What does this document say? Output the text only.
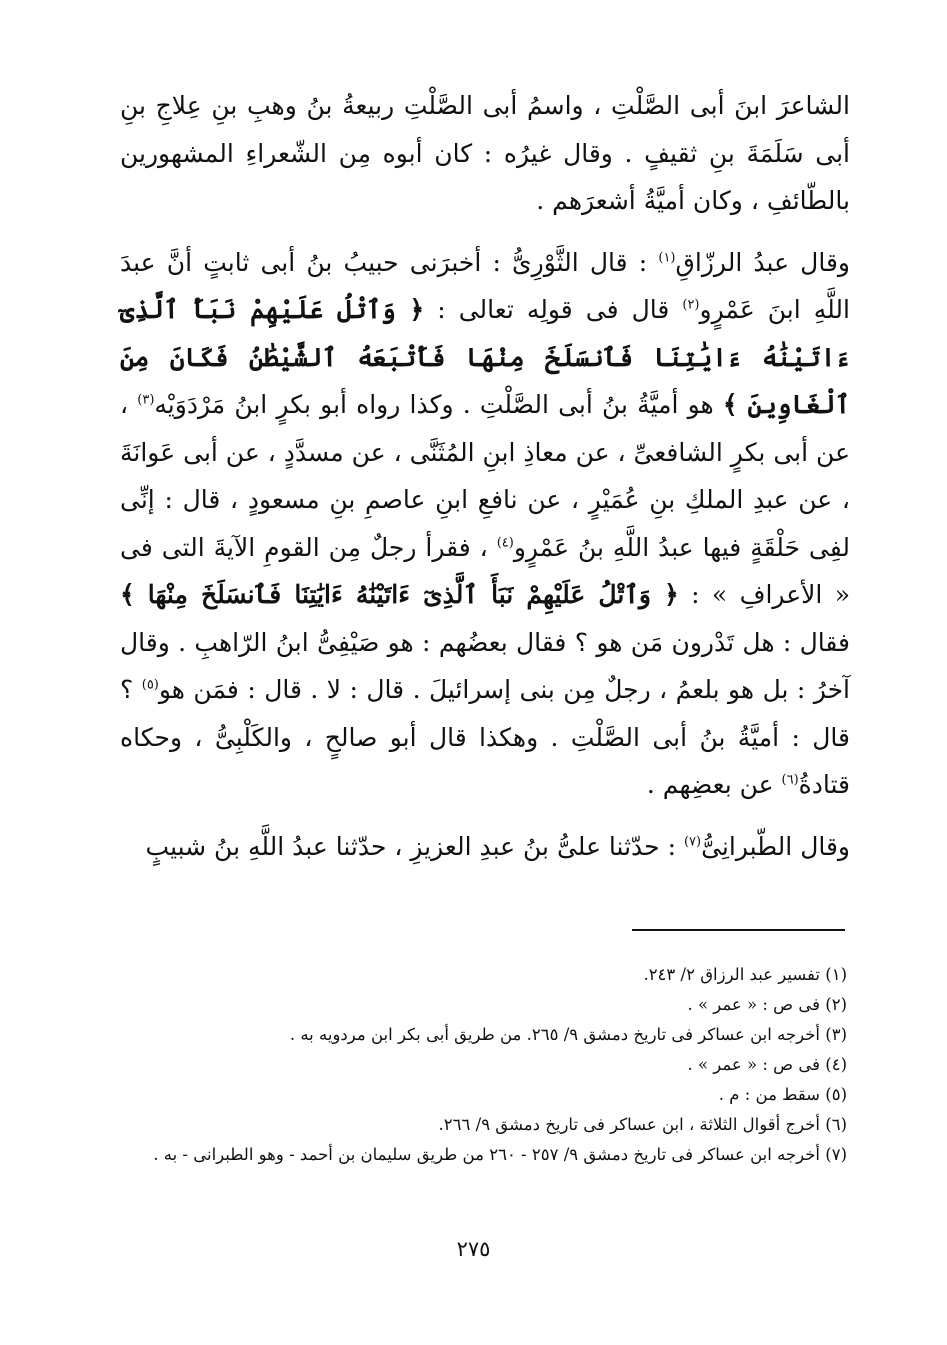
الشاعرَ ابنَ أبى الصَّلْتِ ، واسمُ أبى الصَّلْتِ ربيعةُ بنُ وهبِ بنِ عِلاجِ بنِ أبى سَلَمَةَ بنِ ثقيفٍ . وقال غيرُه : كان أبوه مِن الشّعراءِ المشهورين بالطّائفِ ، وكان أميَّةُ أشعرَهم .

وقال عبدُ الرزّاقِ$^{(١)}$ : قال الثَّوْرِىُّ : أخبرَنى حبيبُ بنُ أبى ثابتٍ أنَّ عبدَ اللَّهِ ابنَ عَمْرٍو$^{(٢)}$ قال فى قولِه تعالى : ﴿ وَٱتْلُ عَلَيْهِمْ نَبَأَ ٱلَّذِىٓ ءَاتَيْنَٰهُ ءَايَٰتِنَا فَٱنسَلَخَ مِنْهَا فَأَتْبَعَهُ ٱلشَّيْطَٰنُ فَكَانَ مِنَ ٱلْغَاوِينَ ﴾ هو أميَّةُ بنُ أبى الصَّلْتِ . وكذا رواه أبو بكرٍ ابنُ مَرْدَوَيْه$^{(٣)}$ ، عن أبى بكرٍ الشافعىِّ ، عن معاذِ ابنِ المُثَنَّى ، عن مسدَّدٍ ، عن أبى عَوانَةَ ، عن عبدِ الملكِ بنِ عُمَيْرٍ ، عن نافعِ ابنِ عاصمِ بنِ مسعودٍ ، قال : إنِّى لفِى حَلْقَةٍ فيها عبدُ اللَّهِ بنُ عَمْرٍو$^{(٤)}$ ، فقرأ رجلٌ مِن القومِ الآيةَ التى فى « الأعرافِ » : ﴿ وَٱتْلُ عَلَيْهِمْ نَبَأَ ٱلَّذِىٓ ءَاتَيْنَٰهُ ءَايَٰتِنَا فَٱنسَلَخَ مِنْهَا ﴾ فقال : هل تَدْرون مَن هو ؟ فقال بعضُهم : هو صَيْفِىُّ ابنُ الرّاهبِ . وقال آخرُ : بل هو بلعمُ ، رجلٌ مِن بنى إسرائيلَ . قال : لا . قال : فمَن هو$^{(٥)}$ ؟ قال : أميَّةُ بنُ أبى الصَّلْتِ . وهكذا قال أبو صالحٍ ، والكَلْبِىُّ ، وحكاه قتادةُ$^{(٦)}$ عن بعضِهم .

وقال الطّبرانِىُّ$^{(٧)}$ : حدّثنا علىُّ بنُ عبدِ العزيزِ ، حدّثنا عبدُ اللَّهِ بنُ شبيبٍ

(١) تفسير عبد الرزاق ٢/ ٢٤٣.
(٢) فى ص : « عمر » .
(٣) أخرجه ابن عساكر فى تاريخ دمشق ٩/ ٢٦٥. من طريق أبى بكر ابن مردويه به .
(٤) فى ص : « عمر » .
(٥) سقط من : م .
(٦) أخرج أقوال الثلاثة ، ابن عساكر فى تاريخ دمشق ٩/ ٢٦٦.
(٧) أخرجه ابن عساكر فى تاريخ دمشق ٩/ ٢٥٧ - ٢٦٠ من طريق سليمان بن أحمد - وهو الطبرانى - به .
٢٧٥
